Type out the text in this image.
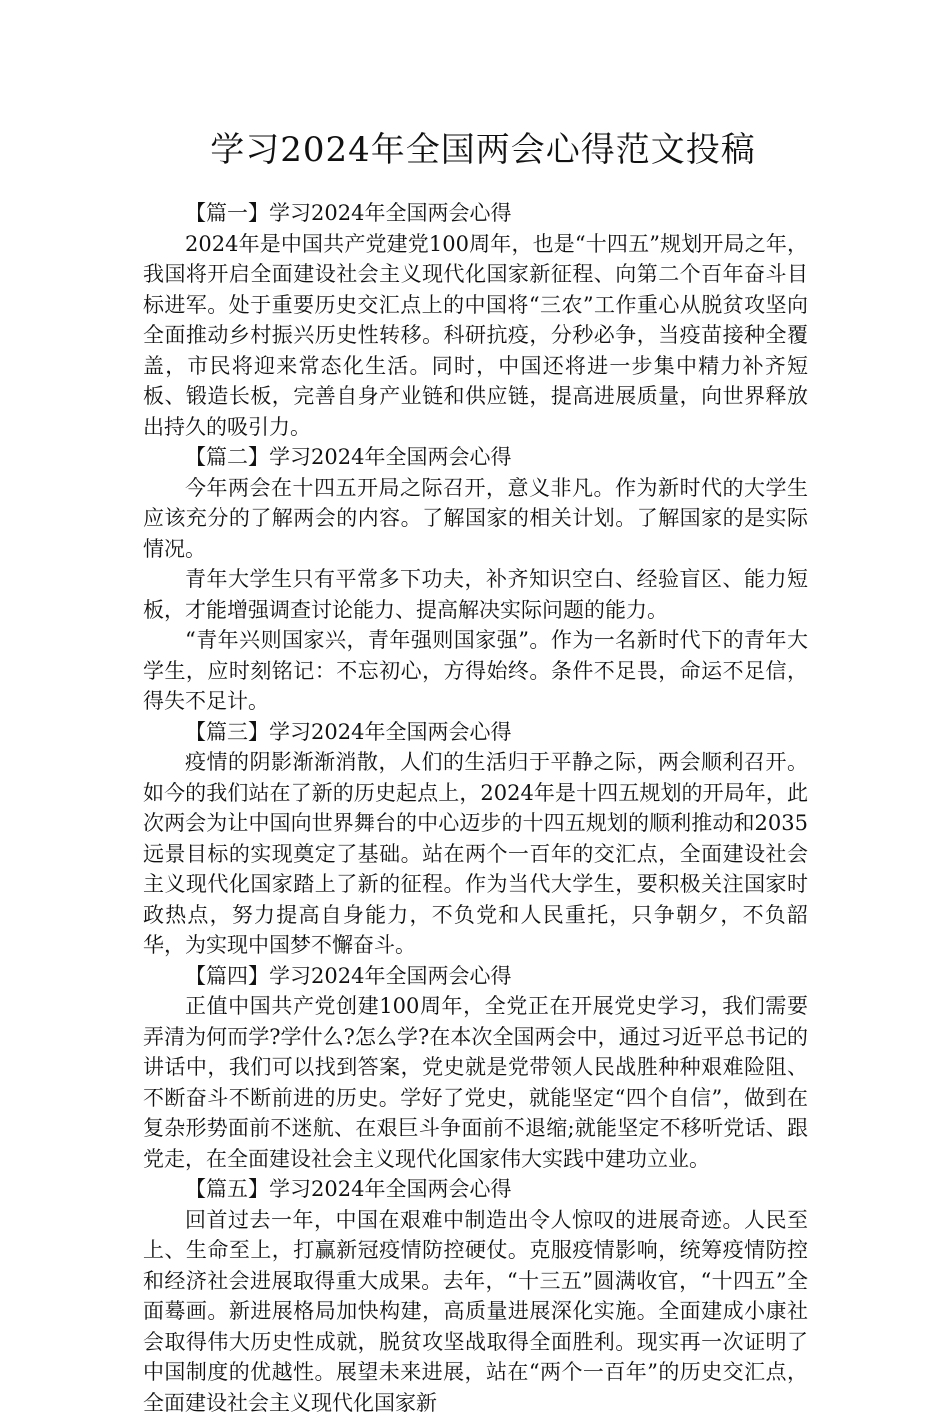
学习2024年全国两会心得范文投稿

【篇一】学习2024年全国两会心得

2024年是中国共产党建党100周年，也是“十四五”规划开局之年，我国将开启全面建设社会主义现代化国家新征程、向第二个百年奋斗目标进军。处于重要历史交汇点上的中国将“三农”工作重心从脱贫攻坚向全面推动乡村振兴历史性转移。科研抗疫，分秒必争，当疫苗接种全覆盖，市民将迎来常态化生活。同时，中国还将进一步集中精力补齐短板、锻造长板，完善自身产业链和供应链，提高进展质量，向世界释放出持久的吸引力。

【篇二】学习2024年全国两会心得

今年两会在十四五开局之际召开，意义非凡。作为新时代的大学生应该充分的了解两会的内容。了解国家的相关计划。了解国家的是实际情况。

青年大学生只有平常多下功夫，补齐知识空白、经验盲区、能力短板，才能增强调查讨论能力、提高解决实际问题的能力。

“青年兴则国家兴，青年强则国家强”。作为一名新时代下的青年大学生，应时刻铭记：不忘初心，方得始终。条件不足畏，命运不足信，得失不足计。

【篇三】学习2024年全国两会心得

疫情的阴影渐渐消散，人们的生活归于平静之际，两会顺利召开。如今的我们站在了新的历史起点上，2024年是十四五规划的开局年，此次两会为让中国向世界舞台的中心迈步的十四五规划的顺利推动和2035远景目标的实现奠定了基础。站在两个一百年的交汇点，全面建设社会主义现代化国家踏上了新的征程。作为当代大学生，要积极关注国家时政热点，努力提高自身能力，不负党和人民重托，只争朝夕，不负韶华，为实现中国梦不懈奋斗。

【篇四】学习2024年全国两会心得

正值中国共产党创建100周年，全党正在开展党史学习，我们需要弄清为何而学?学什么?怎么学?在本次全国两会中，通过习近平总书记的讲话中，我们可以找到答案，党史就是党带领人民战胜种种艰难险阻、不断奋斗不断前进的历史。学好了党史，就能坚定“四个自信”，做到在复杂形势面前不迷航、在艰巨斗争面前不退缩;就能坚定不移听党话、跟党走，在全面建设社会主义现代化国家伟大实践中建功立业。

【篇五】学习2024年全国两会心得

回首过去一年，中国在艰难中制造出令人惊叹的进展奇迹。人民至上、生命至上，打赢新冠疫情防控硬仗。克服疫情影响，统筹疫情防控和经济社会进展取得重大成果。去年，“十三五”圆满收官，“十四五”全面蓦画。新进展格局加快构建，高质量进展深化实施。全面建成小康社会取得伟大历史性成就，脱贫攻坚战取得全面胜利。现实再一次证明了中国制度的优越性。展望未来进展，站在“两个一百年”的历史交汇点，全面建设社会主义现代化国家新
